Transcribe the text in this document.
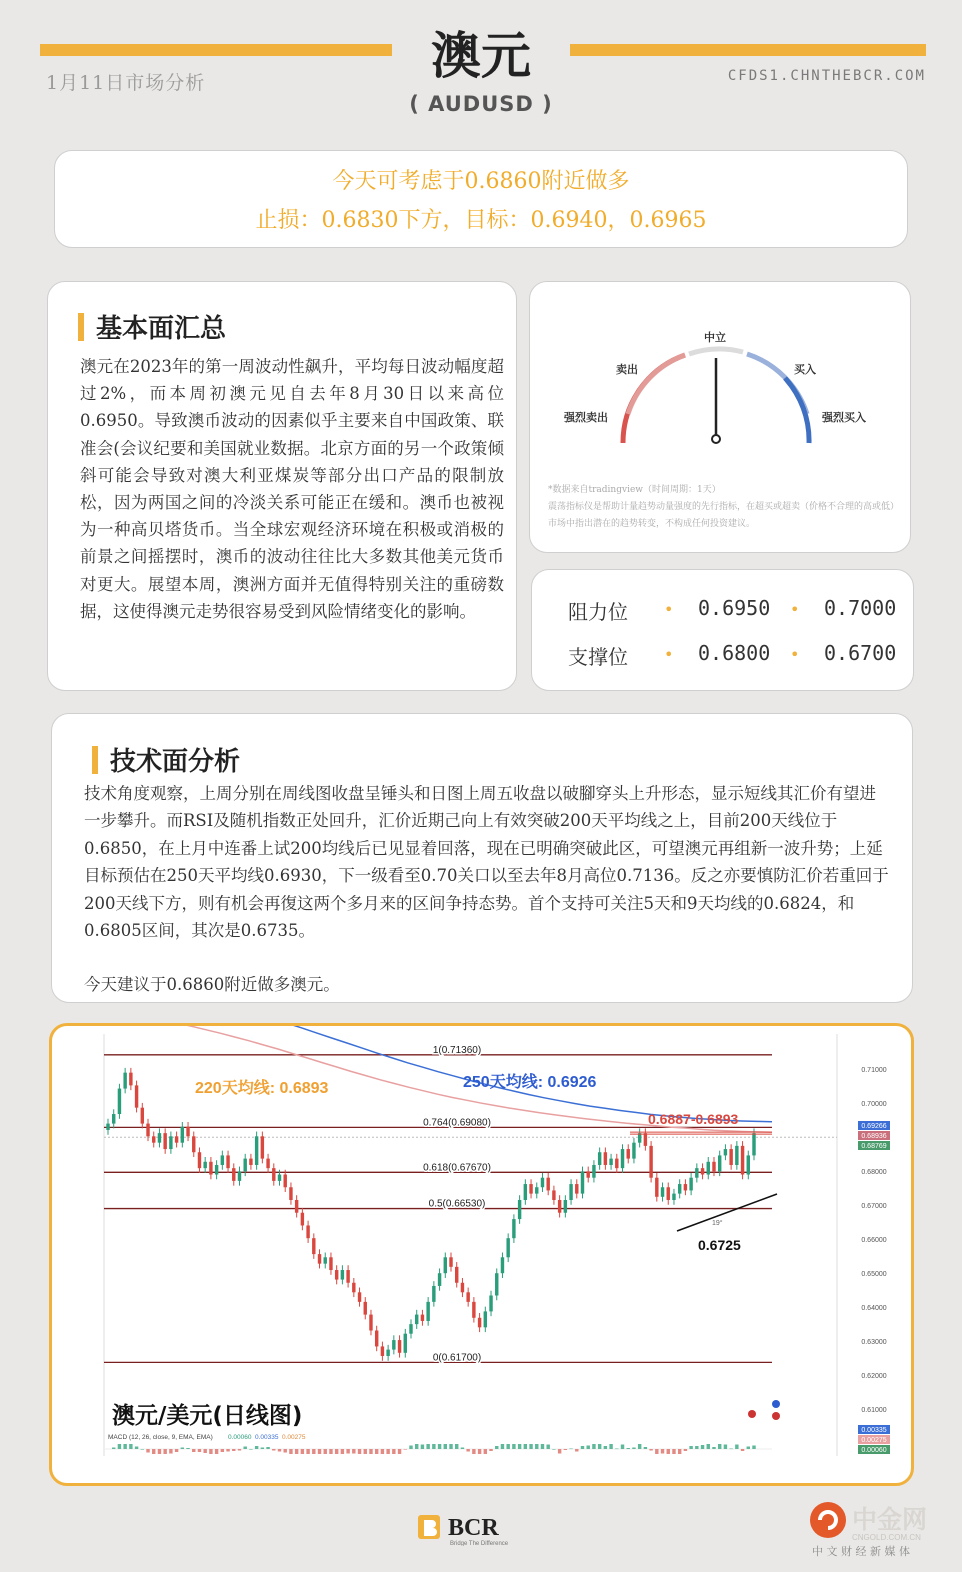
1月11日市场分析	澳元
( AUDUSD )
CFDS1.CHNTHEBCR.COM
今天可考虑于0.6860附近做多
止损：0.6830下方，目标：0.6940，0.6965
基本面汇总
澳元在2023年的第一周波动性飙升，平均每日波动幅度超过2%，而本周初澳元见自去年8月30日以来高位0.6950。导致澳币波动的因素似乎主要来自中国政策、联准会(会议纪要和美国就业数据。北京方面的另一个政策倾斜可能会导致对澳大利亚煤炭等部分出口产品的限制放松，因为两国之间的冷淡关系可能正在缓和。澳币也被视为一种高贝塔货币。当全球宏观经济环境在积极或消极的前景之间摇摆时，澳币的波动往往比大多数其他美元货币对更大。展望本周，澳洲方面并无值得特别关注的重磅数据，这使得澳元走势很容易受到风险情绪变化的影响。
中立
卖出	买入
强烈卖出	强烈买入
*数据来自tradingview（时间周期：1天）
震荡指标仪是帮助计量趋势动量强度的先行指标，在超买或超卖（价格不合理的高或低）市场中指出潜在的趋势转变，不构成任何投资建议。
阻力位 • 0.6950 • 0.7000
支撑位 • 0.6800 • 0.6700
技术面分析

技术角度观察，上周分别在周线图收盘呈锤头和日图上周五收盘以破腳穿头上升形态，显示短线其汇价有望进一步攀升。而RSI及随机指数正处回升，汇价近期己向上有效突破200天平均线之上，目前200天线位于0.6850，在上月中连番上试200均线后已见显着回落，现在已明确突破此区，可望澳元再组新一波升势；上延目标预估在250天平均线0.6930，下一级看至0.70关口以至去年8月高位0.7136。反之亦要慎防汇价若重回于200天线下方，则有机会再復这两个多月来的区间争持态势。首个支持可关注5天和9天均线的0.6824，和0.6805区间，其次是0.6735。

今天建议于0.6860附近做多澳元。

0.71000
0.70000
0.69266
0.68936
0.68769
0.68000
0.67000
0.66000
0.65000
0.64000
0.63000
0.62000
0.61000
0.00335
0.00275
0.00060
1(0.71360)
0.764(0.69080)
0.618(0.67670)
0.5(0.66530)
0(0.61700)
19°
220天均线: 0.6893	250天均线: 0.6926
0.6887-0.6893
0.6725
澳元/美元(日线图)
MACD (12, 26, close, 9, EMA, EMA) 0.00060 0.00335 0.00275
BCR
Bridge The Difference
中金网
CNGOLD.COM.CN
中 文 财 经 新 媒 体
